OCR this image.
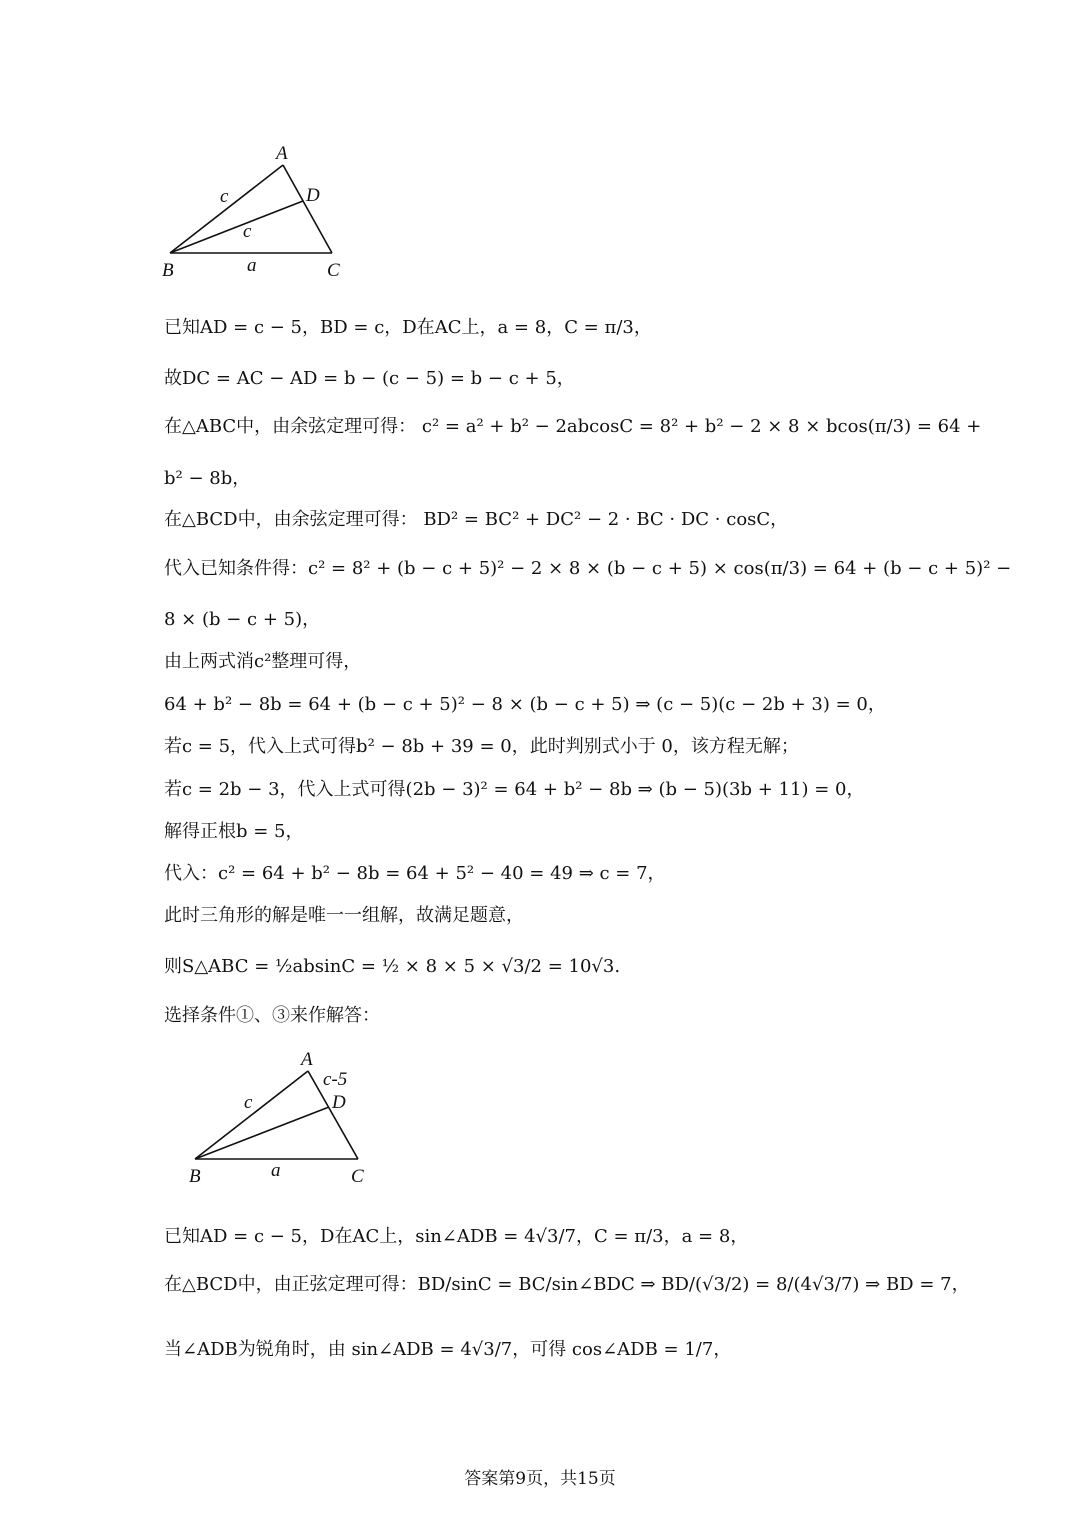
A
B	C
D
c
c
a
已知AD = c − 5，BD = c，D在AC上，a = 8，C = π/3，
故DC = AC − AD = b − (c − 5) = b − c + 5，
在△ABC中，由余弦定理可得： c² = a² + b² − 2abcosC = 8² + b² − 2 × 8 × bcos(π/3) = 64 +
b² − 8b，
在△BCD中，由余弦定理可得： BD² = BC² + DC² − 2 · BC · DC · cosC，
代入已知条件得：c² = 8² + (b − c + 5)² − 2 × 8 × (b − c + 5) × cos(π/3) = 64 + (b − c + 5)² −
8 × (b − c + 5)，
由上两式消c²整理可得，
64 + b² − 8b = 64 + (b − c + 5)² − 8 × (b − c + 5) ⇒ (c − 5)(c − 2b + 3) = 0，
若c = 5，代入上式可得b² − 8b + 39 = 0，此时判别式小于 0，该方程无解；
若c = 2b − 3，代入上式可得(2b − 3)² = 64 + b² − 8b ⇒ (b − 5)(3b + 11) = 0，
解得正根b = 5，
代入：c² = 64 + b² − 8b = 64 + 5² − 40 = 49 ⇒ c = 7，
此时三角形的解是唯一一组解，故满足题意，
则S△ABC = ½absinC = ½ × 8 × 5 × √3/2 = 10√3.
选择条件①、③来作解答：
A
c-5
D
c
B	a	C
已知AD = c − 5，D在AC上，sin∠ADB = 4√3/7，C = π/3，a = 8，
在△BCD中，由正弦定理可得：BD/sinC = BC/sin∠BDC ⇒ BD/(√3/2) = 8/(4√3/7) ⇒ BD = 7，
当∠ADB为锐角时，由 sin∠ADB = 4√3/7，可得 cos∠ADB = 1/7，
答案第9页，共15页
